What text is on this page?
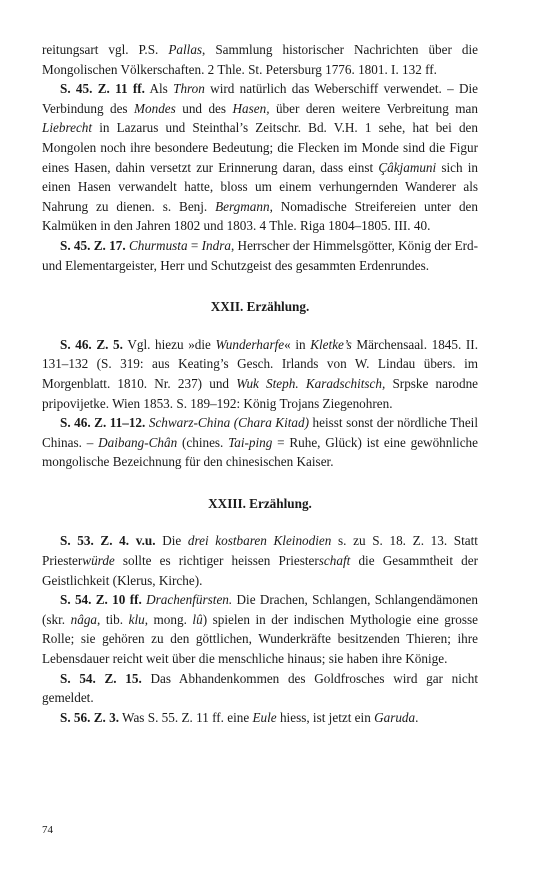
reitungsart vgl. P.S. Pallas, Sammlung historischer Nachrichten über die Mongolischen Völkerschaften. 2 Thle. St. Petersburg 1776. 1801. I. 132 ff.

S. 45. Z. 11 ff. Als Thron wird natürlich das Weberschiff verwendet. – Die Verbindung des Mondes und des Hasen, über deren weitere Verbreitung man Liebrecht in Lazarus und Steinthal’s Zeitschr. Bd. V.H. 1 sehe, hat bei den Mongolen noch ihre besondere Bedeutung; die Flecken im Monde sind die Figur eines Hasen, dahin versetzt zur Erinnerung daran, dass einst Çâkjamuni sich in einen Hasen verwandelt hatte, bloss um einem verhungernden Wanderer als Nahrung zu dienen. s. Benj. Bergmann, Nomadische Streifereien unter den Kalmüken in den Jahren 1802 und 1803. 4 Thle. Riga 1804–1805. III. 40.

S. 45. Z. 17. Churmusta = Indra, Herrscher der Himmelsgötter, König der Erd- und Elementargeister, Herr und Schutzgeist des gesammten Erdenrundes.

XXII. Erzählung.

S. 46. Z. 5. Vgl. hiezu »die Wunderharfe« in Kletke’s Märchensaal. 1845. II. 131–132 (S. 319: aus Keating’s Gesch. Irlands von W. Lindau übers. im Morgenblatt. 1810. Nr. 237) und Wuk Steph. Karadschitsch, Srpske narodne pripovijetke. Wien 1853. S. 189–192: König Trojans Ziegenohren.

S. 46. Z. 11–12. Schwarz-China (Chara Kitad) heisst sonst der nördliche Theil Chinas. – Daibang-Chân (chines. Tai-ping = Ruhe, Glück) ist eine gewöhnliche mongolische Bezeichnung für den chinesischen Kaiser.

XXIII. Erzählung.

S. 53. Z. 4. v.u. Die drei kostbaren Kleinodien s. zu S. 18. Z. 13. Statt Priesterwürde sollte es richtiger heissen Priesterschaft die Gesammtheit der Geistlichkeit (Klerus, Kirche).

S. 54. Z. 10 ff. Drachenfürsten. Die Drachen, Schlangen, Schlangendämonen (skr. nâga, tib. klu, mong. lû) spielen in der indischen Mythologie eine grosse Rolle; sie gehören zu den göttlichen, Wunderkräfte besitzenden Thieren; ihre Lebensdauer reicht weit über die menschliche hinaus; sie haben ihre Könige.

S. 54. Z. 15. Das Abhandenkommen des Goldfrosches wird gar nicht gemeldet.

S. 56. Z. 3. Was S. 55. Z. 11 ff. eine Eule hiess, ist jetzt ein Garuda.

74
